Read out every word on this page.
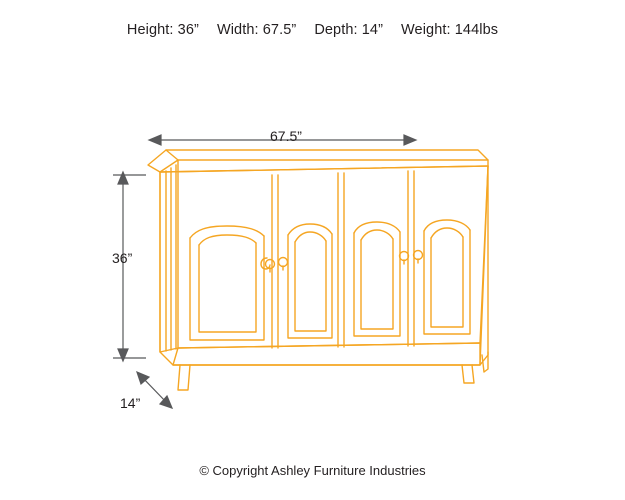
Height: 36” Width: 67.5” Depth: 14” Weight: 144lbs
67.5”
36”
14”
© Copyright Ashley Furniture Industries
